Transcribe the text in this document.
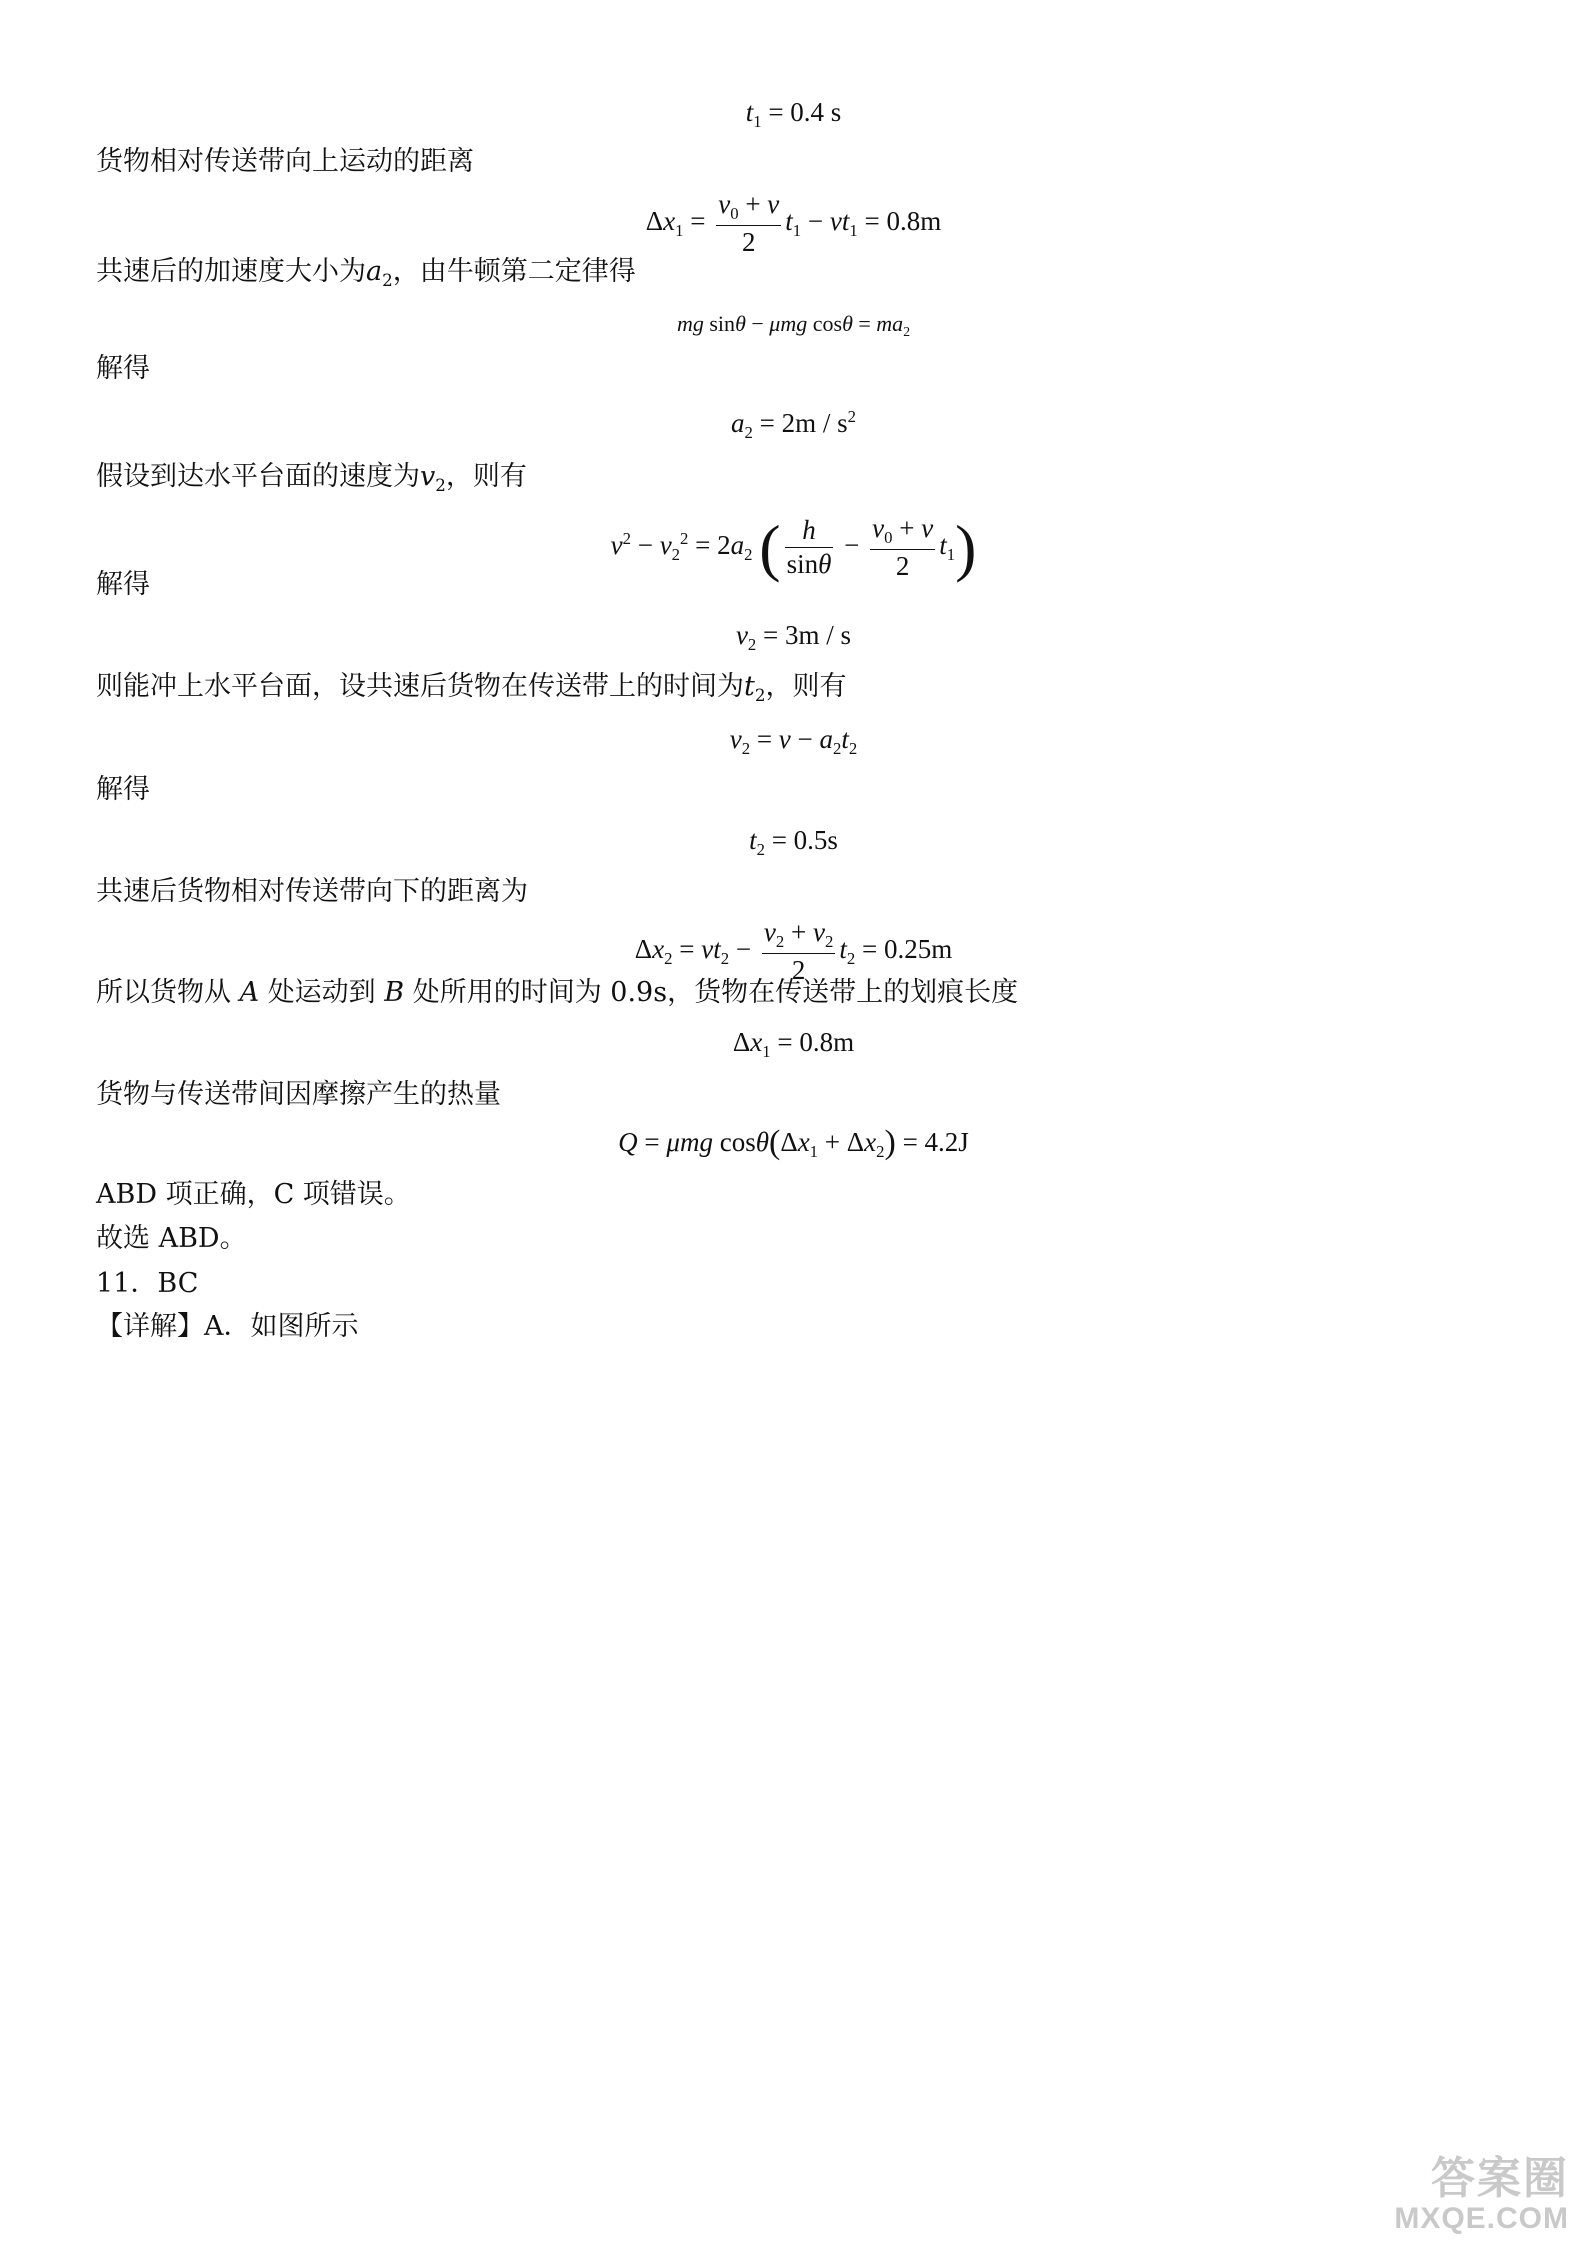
$t_1 = 0.4$ s
货物相对传送带向上运动的距离
$\Delta x_1 = \frac{v_0 + v}{2} t_1 - vt_1 = 0.8m$
共速后的加速度大小为$a_2$，由牛顿第二定律得
mg sinθ − μmg $\cos\theta = ma_2$
解得
$a_2 = 2m / s^2$
假设到达水平台面的速度为$v_2$，则有
$v^2 - v_2^2 = 2a_2$ ( $\frac{h}{\sin\theta} - \frac{v_0 + v}{2} t_1$)
解得
$v_2 = 3m / s$
则能冲上水平台面，设共速后货物在传送带上的时间为$t_2$，则有
$v_2 = v - a_2t_2$
解得
$t_2 = 0.5s$
共速后货物相对传送带向下的距离为
$\Delta x_2 = vt_2 - \frac{v_2 + v_2}{2} t_2 = 0.25m$
所以货物从 A 处运动到 B 处所用的时间为 0.9s，货物在传送带上的划痕长度
$\Delta x_1 = 0.8m$
货物与传送带间因摩擦产生的热量
Q = μmg $\cos\theta(\Delta x_1 + \Delta x_2) = 4.2J$
ABD 项正确，C 项错误。
故选 ABD。
11．BC
【详解】A．如图所示
答案圈
MXQE.COM
